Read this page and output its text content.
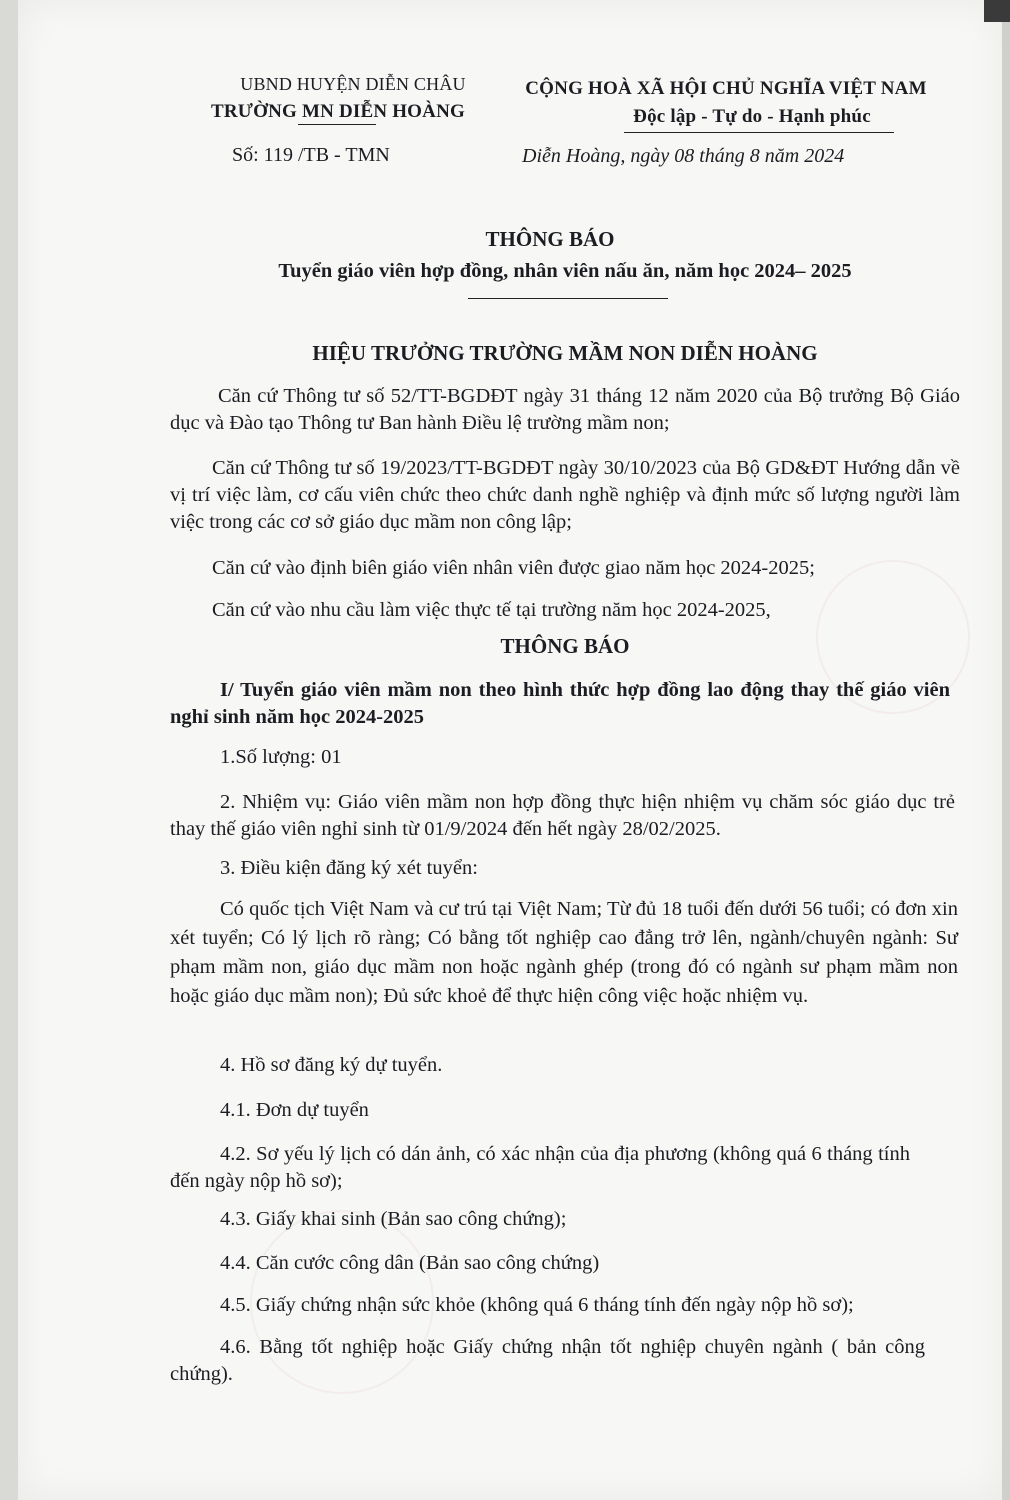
UBND HUYỆN DIỄN CHÂU
TRƯỜNG MN DIỄN HOÀNG
Số: 119 /TB - TMN
CỘNG HOÀ XÃ HỘI CHỦ NGHĨA VIỆT NAM
Độc lập - Tự do - Hạnh phúc
Diễn Hoàng, ngày 08 tháng 8 năm 2024
THÔNG BÁO
Tuyển giáo viên hợp đồng, nhân viên nấu ăn, năm học 2024– 2025
HIỆU TRƯỞNG TRƯỜNG MẦM NON DIỄN HOÀNG
Căn cứ Thông tư số 52/TT-BGDĐT ngày 31 tháng 12 năm 2020 của Bộ trưởng Bộ Giáo dục và Đào tạo Thông tư Ban hành Điều lệ trường mầm non;
Căn cứ Thông tư số 19/2023/TT-BGDĐT ngày 30/10/2023 của Bộ GD&ĐT Hướng dẫn về vị trí việc làm, cơ cấu viên chức theo chức danh nghề nghiệp và định mức số lượng người làm việc trong các cơ sở giáo dục mầm non công lập;
Căn cứ vào định biên giáo viên nhân viên được giao năm học 2024-2025;
Căn cứ vào nhu cầu làm việc thực tế tại trường năm học 2024-2025,
THÔNG BÁO
I/ Tuyển giáo viên mầm non theo hình thức hợp đồng lao động thay thế giáo viên nghỉ sinh năm học 2024-2025
1.Số lượng: 01
2. Nhiệm vụ: Giáo viên mầm non hợp đồng thực hiện nhiệm vụ chăm sóc giáo dục trẻ thay thế giáo viên nghỉ sinh từ 01/9/2024 đến hết ngày 28/02/2025.
3. Điều kiện đăng ký xét tuyển:
Có quốc tịch Việt Nam và cư trú tại Việt Nam; Từ đủ 18 tuổi đến dưới 56 tuổi; có đơn xin xét tuyển; Có lý lịch rõ ràng; Có bằng tốt nghiệp cao đẳng trở lên, ngành/chuyên ngành: Sư phạm mầm non, giáo dục mầm non hoặc ngành ghép (trong đó có ngành sư phạm mầm non hoặc giáo dục mầm non); Đủ sức khoẻ để thực hiện công việc hoặc nhiệm vụ.
4. Hồ sơ đăng ký dự tuyển.
4.1. Đơn dự tuyển
4.2. Sơ yếu lý lịch có dán ảnh, có xác nhận của địa phương (không quá 6 tháng tính đến ngày nộp hồ sơ);
4.3. Giấy khai sinh (Bản sao công chứng);
4.4. Căn cước công dân (Bản sao công chứng)
4.5. Giấy chứng nhận sức khỏe (không quá 6 tháng tính đến ngày nộp hồ sơ);
4.6. Bằng tốt nghiệp hoặc Giấy chứng nhận tốt nghiệp chuyên ngành ( bản công chứng).
